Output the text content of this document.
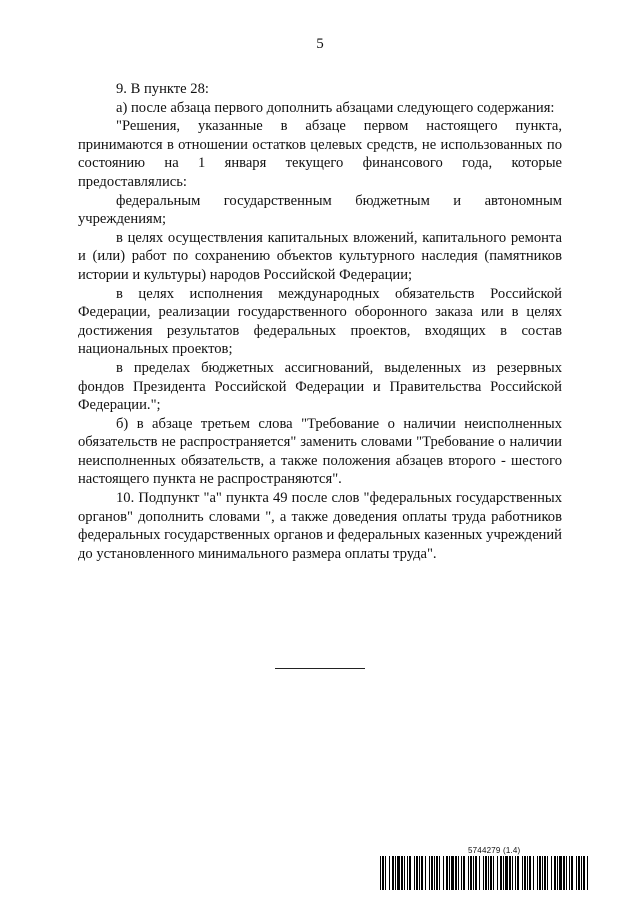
5

9. В пункте 28:

а) после абзаца первого дополнить абзацами следующего содержания:

"Решения, указанные в абзаце первом настоящего пункта, принимаются в отношении остатков целевых средств, не использованных по состоянию на 1 января текущего финансового года, которые предоставлялись:

федеральным государственным бюджетным и автономным учреждениям;

в целях осуществления капитальных вложений, капитального ремонта и (или) работ по сохранению объектов культурного наследия (памятников истории и культуры) народов Российской Федерации;

в целях исполнения международных обязательств Российской Федерации, реализации государственного оборонного заказа или в целях достижения результатов федеральных проектов, входящих в состав национальных проектов;

в пределах бюджетных ассигнований, выделенных из резервных фондов Президента Российской Федерации и Правительства Российской Федерации.";

б) в абзаце третьем слова "Требование о наличии неисполненных обязательств не распространяется" заменить словами "Требование о наличии неисполненных обязательств, а также положения абзацев второго - шестого настоящего пункта не распространяются".

10. Подпункт "а" пункта 49 после слов "федеральных государственных органов" дополнить словами ", а также доведения оплаты труда работников федеральных государственных органов и федеральных казенных учреждений до установленного минимального размера оплаты труда".

5744279 (1.4)
